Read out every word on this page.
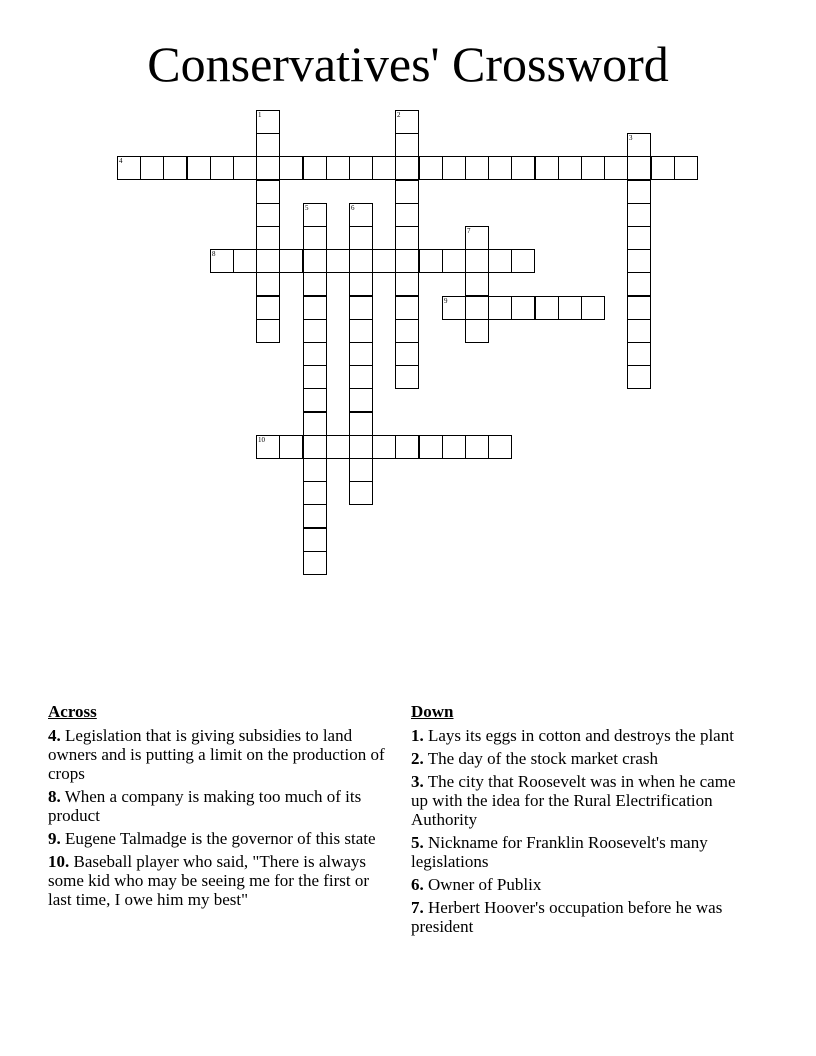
Conservatives' Crossword
1	2
3
4
5	6
7
8
9
10
Across
4. Legislation that is giving subsidies to land owners and is putting a limit on the production of crops
8. When a company is making too much of its product
9. Eugene Talmadge is the governor of this state
10. Baseball player who said, "There is always some kid who may be seeing me for the first or last time, I owe him my best"
Down
1. Lays its eggs in cotton and destroys the plant
2. The day of the stock market crash
3. The city that Roosevelt was in when he came up with the idea for the Rural Electrification Authority
5. Nickname for Franklin Roosevelt's many legislations
6. Owner of Publix
7. Herbert Hoover's occupation before he was president
